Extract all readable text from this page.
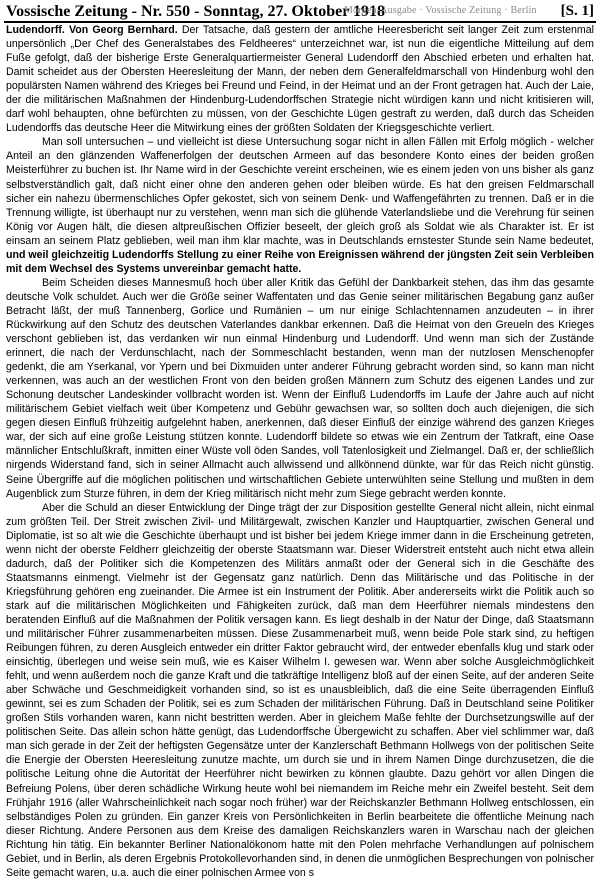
Vossische Zeitung - Nr. 550 - Sonntag, 27. Oktober 1918
Morgen-Ausgabe · Vossische Zeitung · Berlin [S. 1]

Ludendorff. Von Georg Bernhard. Der Tatsache, daß gestern der amtliche Heeresbericht seit langer Zeit zum erstenmal unpersönlich „Der Chef des Generalstabes des Feldheeres“ unterzeichnet war, ist nun die eigentliche Mitteilung auf dem Fuße gefolgt, daß der bisherige Erste Generalquartiermeister General Ludendorff den Abschied erbeten und erhalten hat. Damit scheidet aus der Obersten Heeresleitung der Mann, der neben dem Generalfeldmarschall von Hindenburg wohl den populärsten Namen während des Krieges bei Freund und Feind, in der Heimat und an der Front getragen hat. Auch der Laie, der die militärischen Maßnahmen der Hindenburg-Ludendorffschen Strategie nicht würdigen kann und nicht kritisieren will, darf wohl behaupten, ohne befürchten zu müssen, von der Geschichte Lügen gestraft zu werden, daß durch das Scheiden Ludendorffs das deutsche Heer die Mitwirkung eines der größten Soldaten der Kriegsgeschichte verliert.

Man soll untersuchen – und vielleicht ist diese Untersuchung sogar nicht in allen Fällen mit Erfolg möglich - welcher Anteil an den glänzenden Waffenerfolgen der deutschen Armeen auf das besondere Konto eines der beiden großen Meisterführer zu buchen ist. Ihr Name wird in der Geschichte vereint erscheinen, wie es einem jeden von uns bisher als ganz selbstverständlich galt, daß nicht einer ohne den anderen gehen oder bleiben würde. Es hat den greisen Feldmarschall sicher ein nahezu übermenschliches Opfer gekostet, sich von seinem Denk- und Waffengefährten zu trennen. Daß er in die Trennung willigte, ist überhaupt nur zu verstehen, wenn man sich die glühende Vaterlandsliebe und die Verehrung für seinen König vor Augen hält, die diesen altpreußischen Offizier beseelt, der gleich groß als Soldat wie als Charakter ist. Er ist einsam an seinem Platz geblieben, weil man ihm klar machte, was in Deutschlands ernstester Stunde sein Name bedeutet, und weil gleichzeitig Ludendorffs Stellung zu einer Reihe von Ereignissen während der jüngsten Zeit sein Verbleiben mit dem Wechsel des Systems unvereinbar gemacht hatte.

Beim Scheiden dieses Mannesmuß hoch über aller Kritik das Gefühl der Dankbarkeit stehen, das ihm das gesamte deutsche Volk schuldet. Auch wer die Größe seiner Waffentaten und das Genie seiner militärischen Begabung ganz außer Betracht läßt, der muß Tannenberg, Gorlice und Rumänien – um nur einige Schlachtennamen anzudeuten – in ihrer Rückwirkung auf den Schutz des deutschen Vaterlandes dankbar erkennen. Daß die Heimat von den Greueln des Krieges verschont geblieben ist, das verdanken wir nun einmal Hindenburg und Ludendorff. Und wenn man sich der Zustände erinnert, die nach der Verdunschlacht, nach der Sommeschlacht bestanden, wenn man der nutzlosen Menschenopfer gedenkt, die am Yserkanal, vor Ypern und bei Dixmuiden unter anderer Führung gebracht worden sind, so kann man nicht verkennen, was auch an der westlichen Front von den beiden großen Männern zum Schutz des eigenen Landes und zur Schonung deutscher Landeskinder vollbracht worden ist. Wenn der Einfluß Ludendorffs im Laufe der Jahre auch auf nicht militärischem Gebiet vielfach weit über Kompetenz und Gebühr gewachsen war, so sollten doch auch diejenigen, die sich gegen diesen Einfluß frühzeitig aufgelehnt haben, anerkennen, daß dieser Einfluß der einzige während des ganzen Krieges war, der sich auf eine große Leistung stützen konnte. Ludendorff bildete so etwas wie ein Zentrum der Tatkraft, eine Oase männlicher Entschlußkraft, inmitten einer Wüste voll öden Sandes, voll Tatenlosigkeit und Zielmangel. Daß er, der schließlich nirgends Widerstand fand, sich in seiner Allmacht auch allwissend und allkönnend dünkte, war für das Reich nicht günstig. Seine Übergriffe auf die möglichen politischen und wirtschaftlichen Gebiete unterwühlten seine Stellung und mußten in dem Augenblick zum Sturze führen, in dem der Krieg militärisch nicht mehr zum Siege gebracht werden konnte.

Aber die Schuld an dieser Entwicklung der Dinge trägt der zur Disposition gestellte General nicht allein, nicht einmal zum größten Teil. Der Streit zwischen Zivil- und Militärgewalt, zwischen Kanzler und Hauptquartier, zwischen General und Diplomatie, ist so alt wie die Geschichte überhaupt und ist bisher bei jedem Kriege immer dann in die Erscheinung getreten, wenn nicht der oberste Feldherr gleichzeitig der oberste Staatsmann war. Dieser Widerstreit entsteht auch nicht etwa allein dadurch, daß der Politiker sich die Kompetenzen des Militärs anmaßt oder der General sich in die Geschäfte des Staatsmanns einmengt. Vielmehr ist der Gegensatz ganz natürlich. Denn das Militärische und das Politische in der Kriegsführung gehören eng zueinander. Die Armee ist ein Instrument der Politik. Aber andererseits wirkt die Politik auch so stark auf die militärischen Möglichkeiten und Fähigkeiten zurück, daß man dem Heerführer niemals mindestens den beratenden Einfluß auf die Maßnahmen der Politik versagen kann. Es liegt deshalb in der Natur der Dinge, daß Staatsmann und militärischer Führer zusammenarbeiten müssen. Diese Zusammenarbeit muß, wenn beide Pole stark sind, zu heftigen Reibungen führen, zu deren Ausgleich entweder ein dritter Faktor gebraucht wird, der entweder ebenfalls klug und stark oder einsichtig, überlegen und weise sein muß, wie es Kaiser Wilhelm I. gewesen war. Wenn aber solche Ausgleichmöglichkeit fehlt, und wenn außerdem noch die ganze Kraft und die tatkräftige Intelligenz bloß auf der einen Seite, auf der anderen Seite aber Schwäche und Geschmeidigkeit vorhanden sind, so ist es unausbleiblich, daß die eine Seite überragenden Einfluß gewinnt, sei es zum Schaden der Politik, sei es zum Schaden der militärischen Führung. Daß in Deutschland seine Politiker großen Stils vorhanden waren, kann nicht bestritten werden. Aber in gleichem Maße fehlte der Durchsetzungswille auf der politischen Seite. Das allein schon hätte genügt, das Ludendorffsche Übergewicht zu schaffen. Aber viel schlimmer war, daß man sich gerade in der Zeit der heftigsten Gegensätze unter der Kanzlerschaft Bethmann Hollwegs von der politischen Seite die Energie der Obersten Heeresleitung zunutze machte, um durch sie und in ihrem Namen Dinge durchzusetzen, die die politische Leitung ohne die Autorität der Heerführer nicht bewirken zu können glaubte. Dazu gehört vor allen Dingen die Befreiung Polens, über deren schädliche Wirkung heute wohl bei niemandem im Reiche mehr ein Zweifel besteht. Seit dem Frühjahr 1916 (aller Wahrscheinlichkeit nach sogar noch früher) war der Reichskanzler Bethmann Hollweg entschlossen, ein selbständiges Polen zu gründen. Ein ganzer Kreis von Persönlichkeiten in Berlin bearbeitete die öffentliche Meinung nach dieser Richtung. Andere Personen aus dem Kreise des damaligen Reichskanzlers waren in Warschau nach der gleichen Richtung hin tätig. Ein bekannter Berliner Nationalökonom hatte mit den Polen mehrfache Verhandlungen auf polnischem Gebiet, und in Berlin, als deren Ergebnis Protokollevorhanden sind, in denen die unmöglichen Besprechungen von polnischer Seite gemacht waren, u.a. auch die einer polnischen Armee von s
